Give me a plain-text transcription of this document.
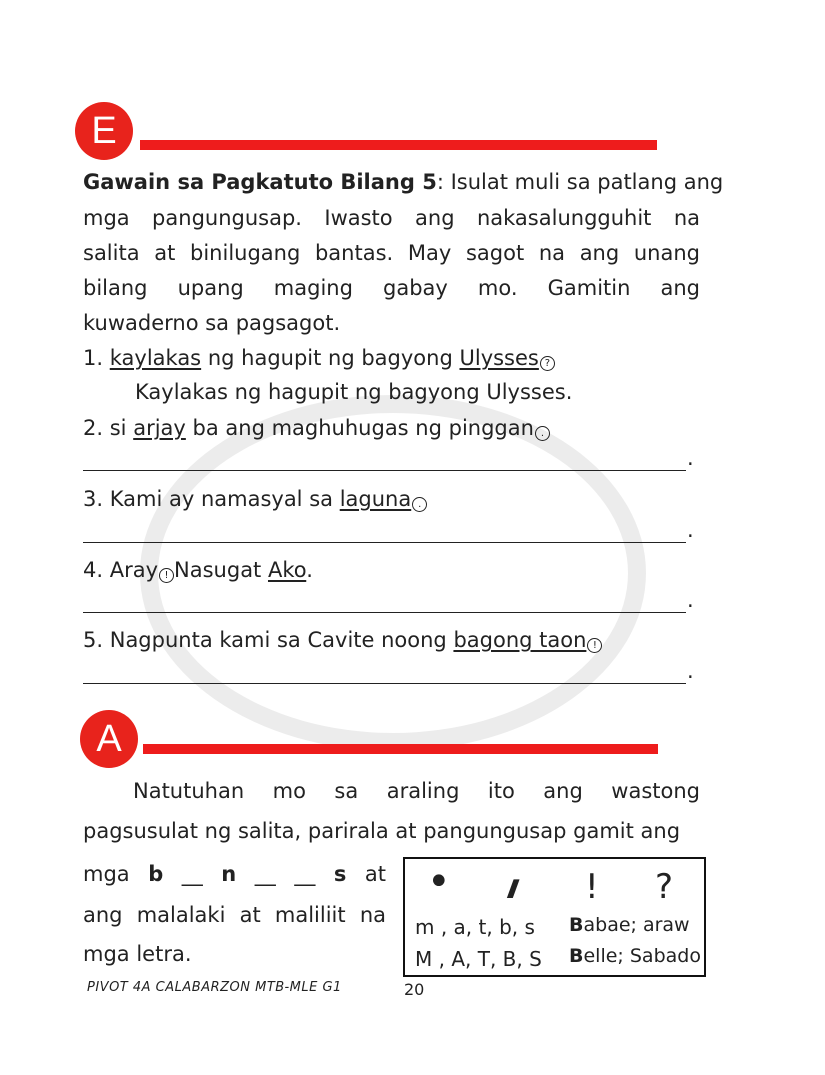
E
Gawain sa Pagkatuto Bilang 5: Isulat muli sa patlang ang
mga pangungusap. Iwasto ang nakasalungguhit na
salita at binilugang bantas. May sagot na ang unang
bilang upang maging gabay mo. Gamitin ang
kuwaderno sa pagsagot.
1. kaylakas ng hagupit ng bagyong Ulysses ?
Kaylakas ng hagupit ng bagyong Ulysses.
2. si arjay ba ang maghuhugas ng pinggan .
.
3. Kami ay namasyal sa laguna .
.
4. Aray ! Nasugat Ako.
.
5. Nagpunta kami sa Cavite noong bagong taon !
.
A
Natutuhan mo sa araling ito ang wastong
pagsusulat ng salita, parirala at pangungusap gamit ang
mga b __ n __ __ s at
ang malalaki at maliliit na
mga letra.
• ı ! ?
m , a, t, b, s
M , A, T, B, S
Babae; araw
Belle; Sabado
PIVOT 4A CALABARZON MTB-MLE G1	20
